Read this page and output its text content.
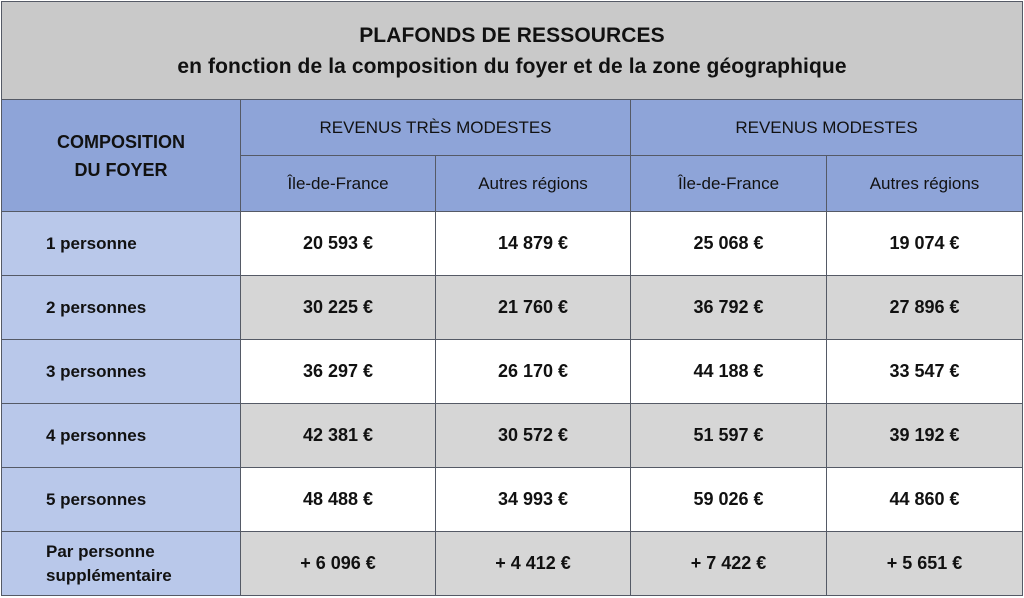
PLAFONDS DE RESSOURCES
en fonction de la composition du foyer et de la zone géographique				

COMPOSITION
DU FOYER	REVENUS TRÈS MODESTES		REVENUS MODESTES	
	Île-de-France	Autres régions	Île-de-France	Autres régions
1 personne	20 593 €	14 879 €	25 068 €	19 074 €
2 personnes	30 225 €	21 760 €	36 792 €	27 896 €
3 personnes	36 297 €	26 170 €	44 188 €	33 547 €
4 personnes	42 381 €	30 572 €	51 597 €	39 192 €
5 personnes	48 488 €	34 993 €	59 026 €	44 860 €

Par personne
supplémentaire	+ 6 096 €	+ 4 412 €	+ 7 422 €	+ 5 651 €
